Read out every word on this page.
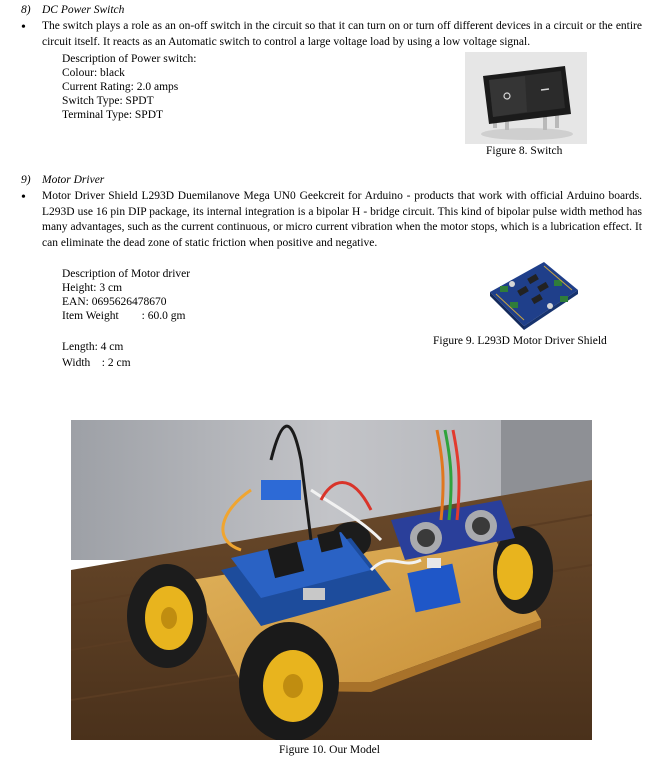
8) DC Power Switch
• The switch plays a role as an on-off switch in the circuit so that it can turn on or turn off different devices in a circuit or the entire circuit itself. It reacts as an Automatic switch to control a large voltage load by using a low voltage signal.
Description of Power switch:
Colour: black
Current Rating: 2.0 amps
Switch Type: SPDT
Terminal Type: SPDT
Figure 8. Switch
9) Motor Driver
• Motor Driver Shield L293D Duemilanove Mega UN0 Geekcreit for Arduino - products that work with official Arduino boards. L293D use 16 pin DIP package, its internal integration is a bipolar H - bridge circuit. This kind of bipolar pulse width method has many advantages, such as the current continuous, or micro current vibration when the motor stops, which is a lubrication effect. It can eliminate the dead zone of static friction when positive and negative.
Description of Motor driver
Height: 3 cm
EAN: 0695626478670
Item Weight        : 60.0 gm
Length: 4 cm
Width    : 2 cm
Figure 9. L293D Motor Driver Shield
Figure 10. Our Model
